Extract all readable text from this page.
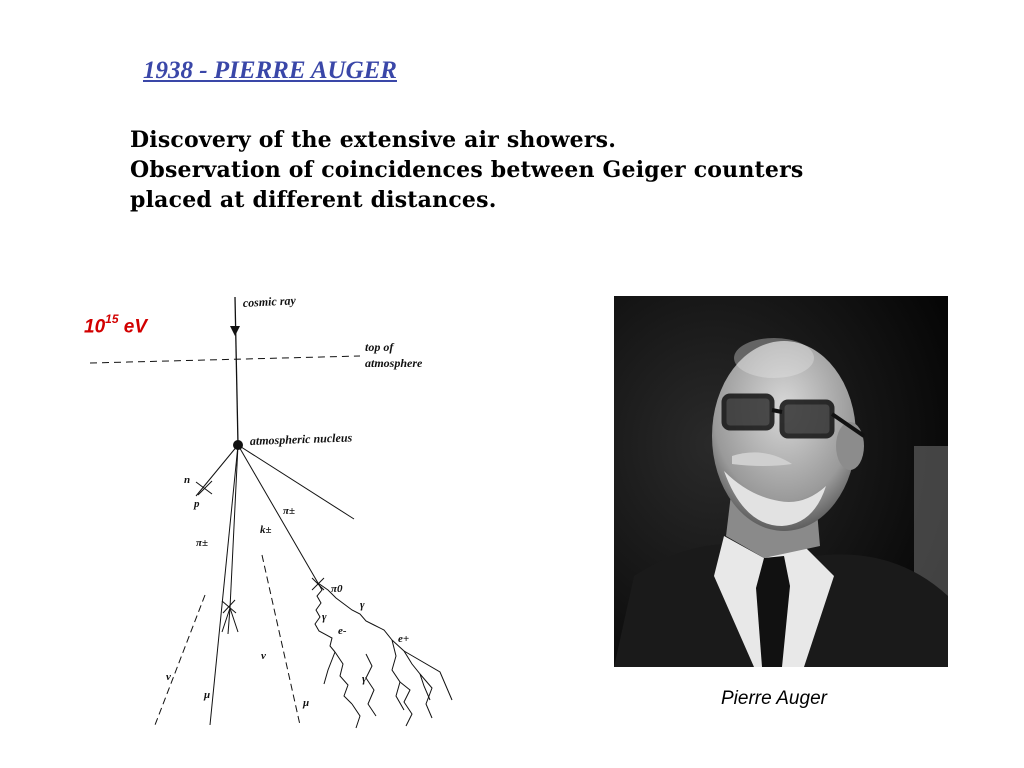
1938 - PIERRE AUGER
Discovery of the extensive air showers.
Observation of coincidences between Geiger counters
placed at different distances.
$10^{15}$ eV
cosmic ray
top of
atmosphere
atmospheric nucleus
n
p
π±
k±
π±
π0
γ
γ
γ
e-
e+
ν
ν
μ
μ	Pierre Auger
